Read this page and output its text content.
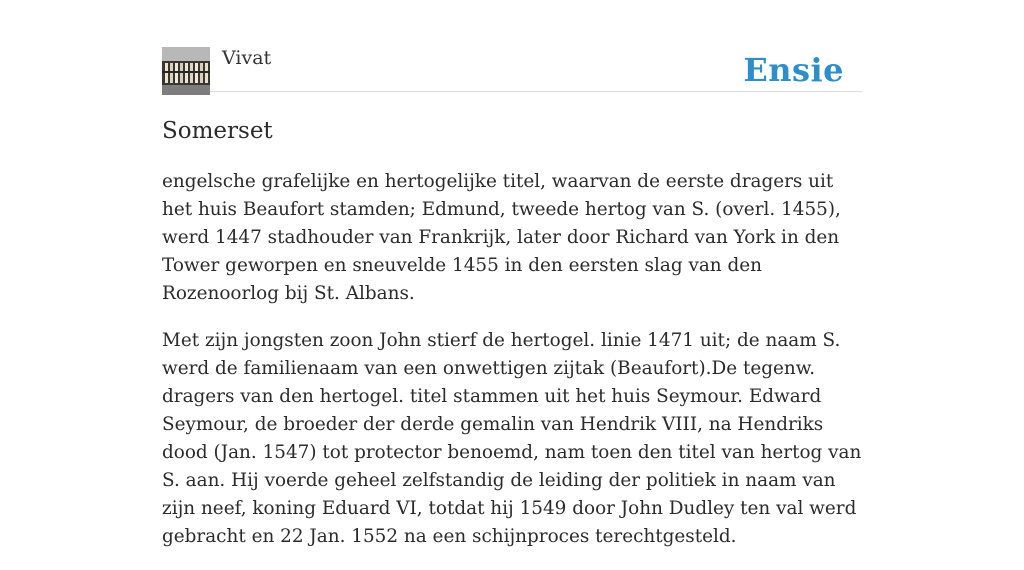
Vivat	Ensie
Somerset

engelsche grafelijke en hertogelijke titel, waarvan de eerste dragers uit het huis Beaufort stamden; Edmund, tweede hertog van S. (overl. 1455), werd 1447 stadhouder van Frankrijk, later door Richard van York in den Tower geworpen en sneuvelde 1455 in den eersten slag van den Rozenoorlog bij St. Albans.

Met zijn jongsten zoon John stierf de hertogel. linie 1471 uit; de naam S. werd de familienaam van een onwettigen zijtak (Beaufort).De tegenw. dragers van den hertogel. titel stammen uit het huis Seymour. Edward Seymour, de broeder der derde gemalin van Hendrik VIII, na Hendriks dood (Jan. 1547) tot protector benoemd, nam toen den titel van hertog van S. aan. Hij voerde geheel zelfstandig de leiding der politiek in naam van zijn neef, koning Eduard VI, totdat hij 1549 door John Dudley ten val werd gebracht en 22 Jan. 1552 na een schijnproces terechtgesteld.
